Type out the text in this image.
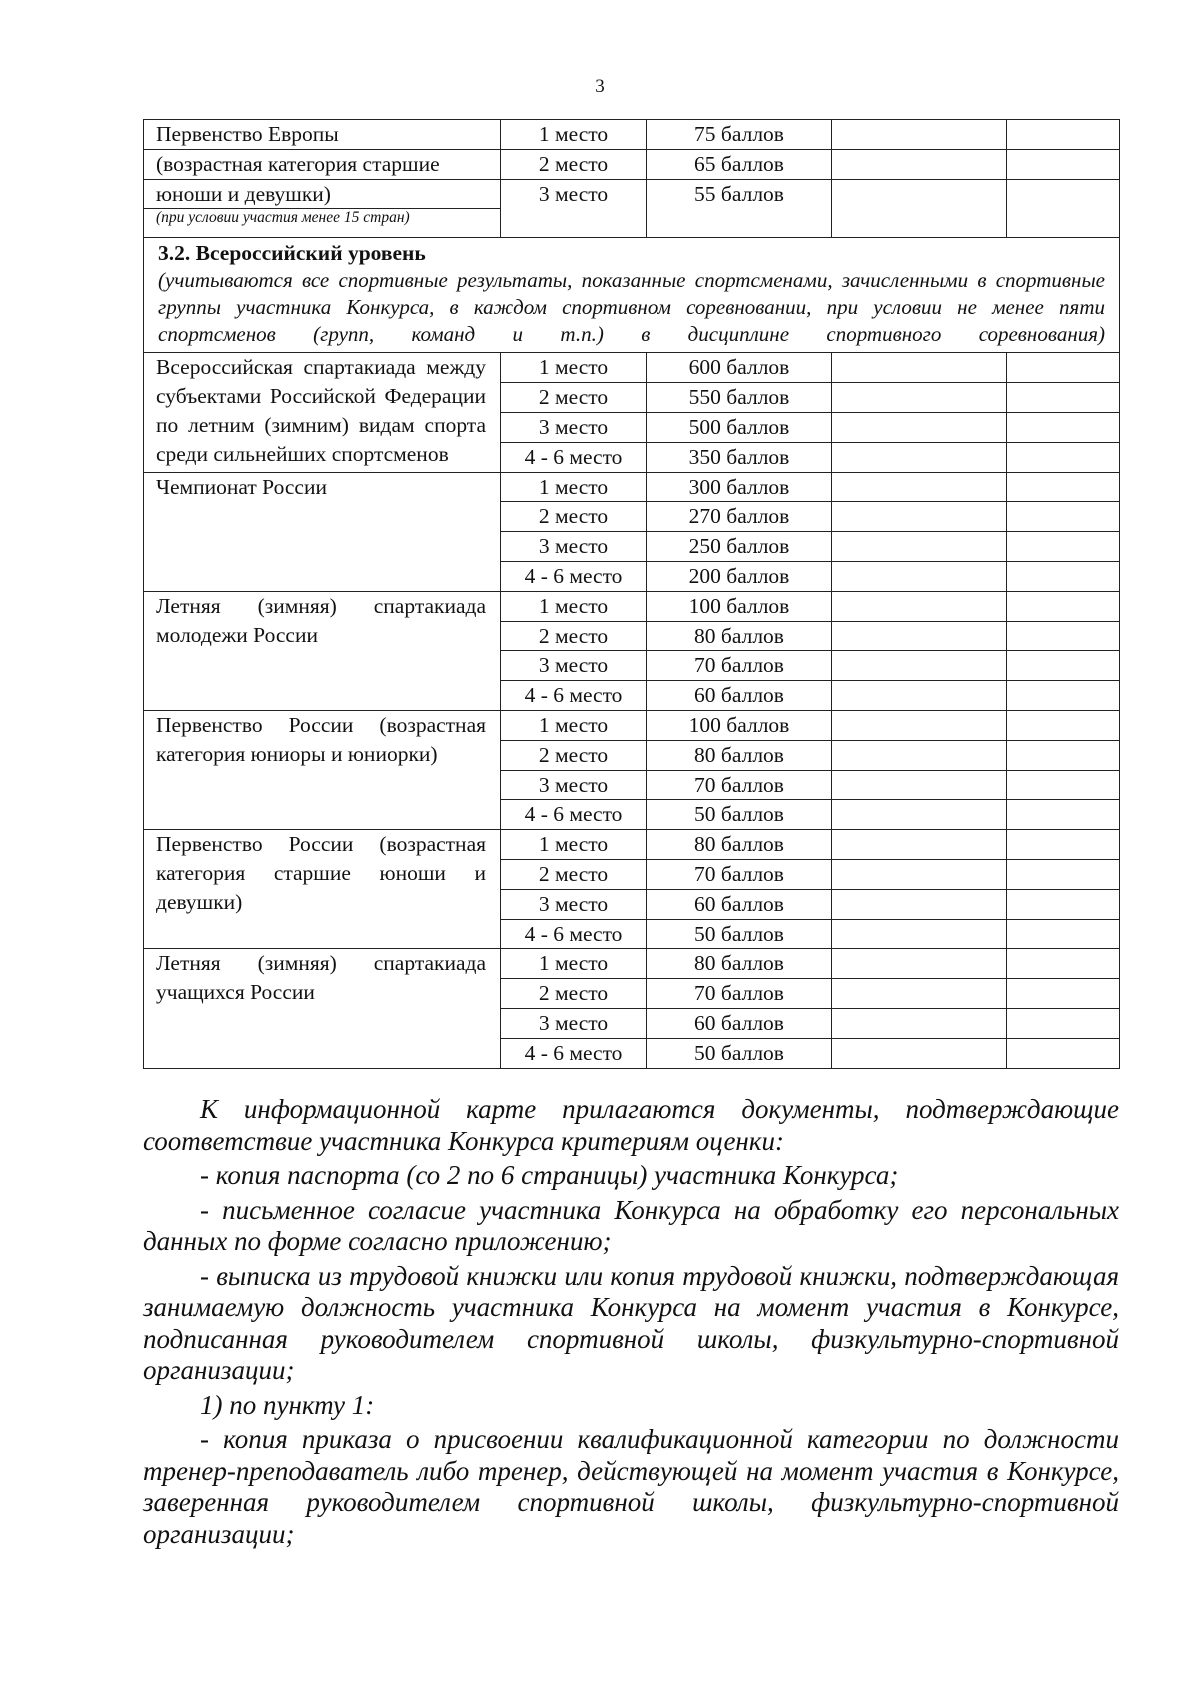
3
Первенство Европы	1 место	75 баллов		
(возрастная категория старшие	2 место	65 баллов		
юноши и девушки)	3 место	55 баллов		
(при условии участия менее 15 стран)				

3.2. Всероссийский уровень
(учитываются все спортивные результаты, показанные спортсменами, зачисленными в спортивные группы участника Конкурса, в каждом спортивном соревновании, при условии не менее пяти спортсменов (групп, команд и т.п.) в дисциплине спортивного соревнования)				

Всероссийская спартакиада между субъектами Российской Федерации по летним (зимним) видам спорта среди сильнейших спортсменов	1 место	600 баллов		
	2 место	550 баллов		
	3 место	500 баллов		
	4 - 6 место	350 баллов		

Чемпионат России	1 место	300 баллов		
	2 место	270 баллов		
	3 место	250 баллов		
	4 - 6 место	200 баллов		
Летняя (зимняя) спартакиада молодежи России	1 место	100 баллов		
	2 место	80 баллов		
	3 место	70 баллов		
	4 - 6 место	60 баллов		
Первенство России (возрастная категория юниоры и юниорки)	1 место	100 баллов		
	2 место	80 баллов		
	3 место	70 баллов		
	4 - 6 место	50 баллов		
Первенство России (возрастная категория старшие юноши и девушки)	1 место	80 баллов		
	2 место	70 баллов		
	3 место	60 баллов		
	4 - 6 место	50 баллов		
Летняя (зимняя) спартакиада учащихся России	1 место	80 баллов		
	2 место	70 баллов		
	3 место	60 баллов		
	4 - 6 место	50 баллов		

К информационной карте прилагаются документы, подтверждающие соответствие участника Конкурса критериям оценки:

- копия паспорта (со 2 по 6 страницы) участника Конкурса;

- письменное согласие участника Конкурса на обработку его персональных данных по форме согласно приложению;

- выписка из трудовой книжки или копия трудовой книжки, подтверждающая занимаемую должность участника Конкурса на момент участия в Конкурсе, подписанная руководителем спортивной школы, физкультурно-спортивной организации;

1) по пункту 1:

- копия приказа о присвоении квалификационной категории по должности тренер-преподаватель либо тренер, действующей на момент участия в Конкурсе, заверенная руководителем спортивной школы, физкультурно-спортивной организации;
